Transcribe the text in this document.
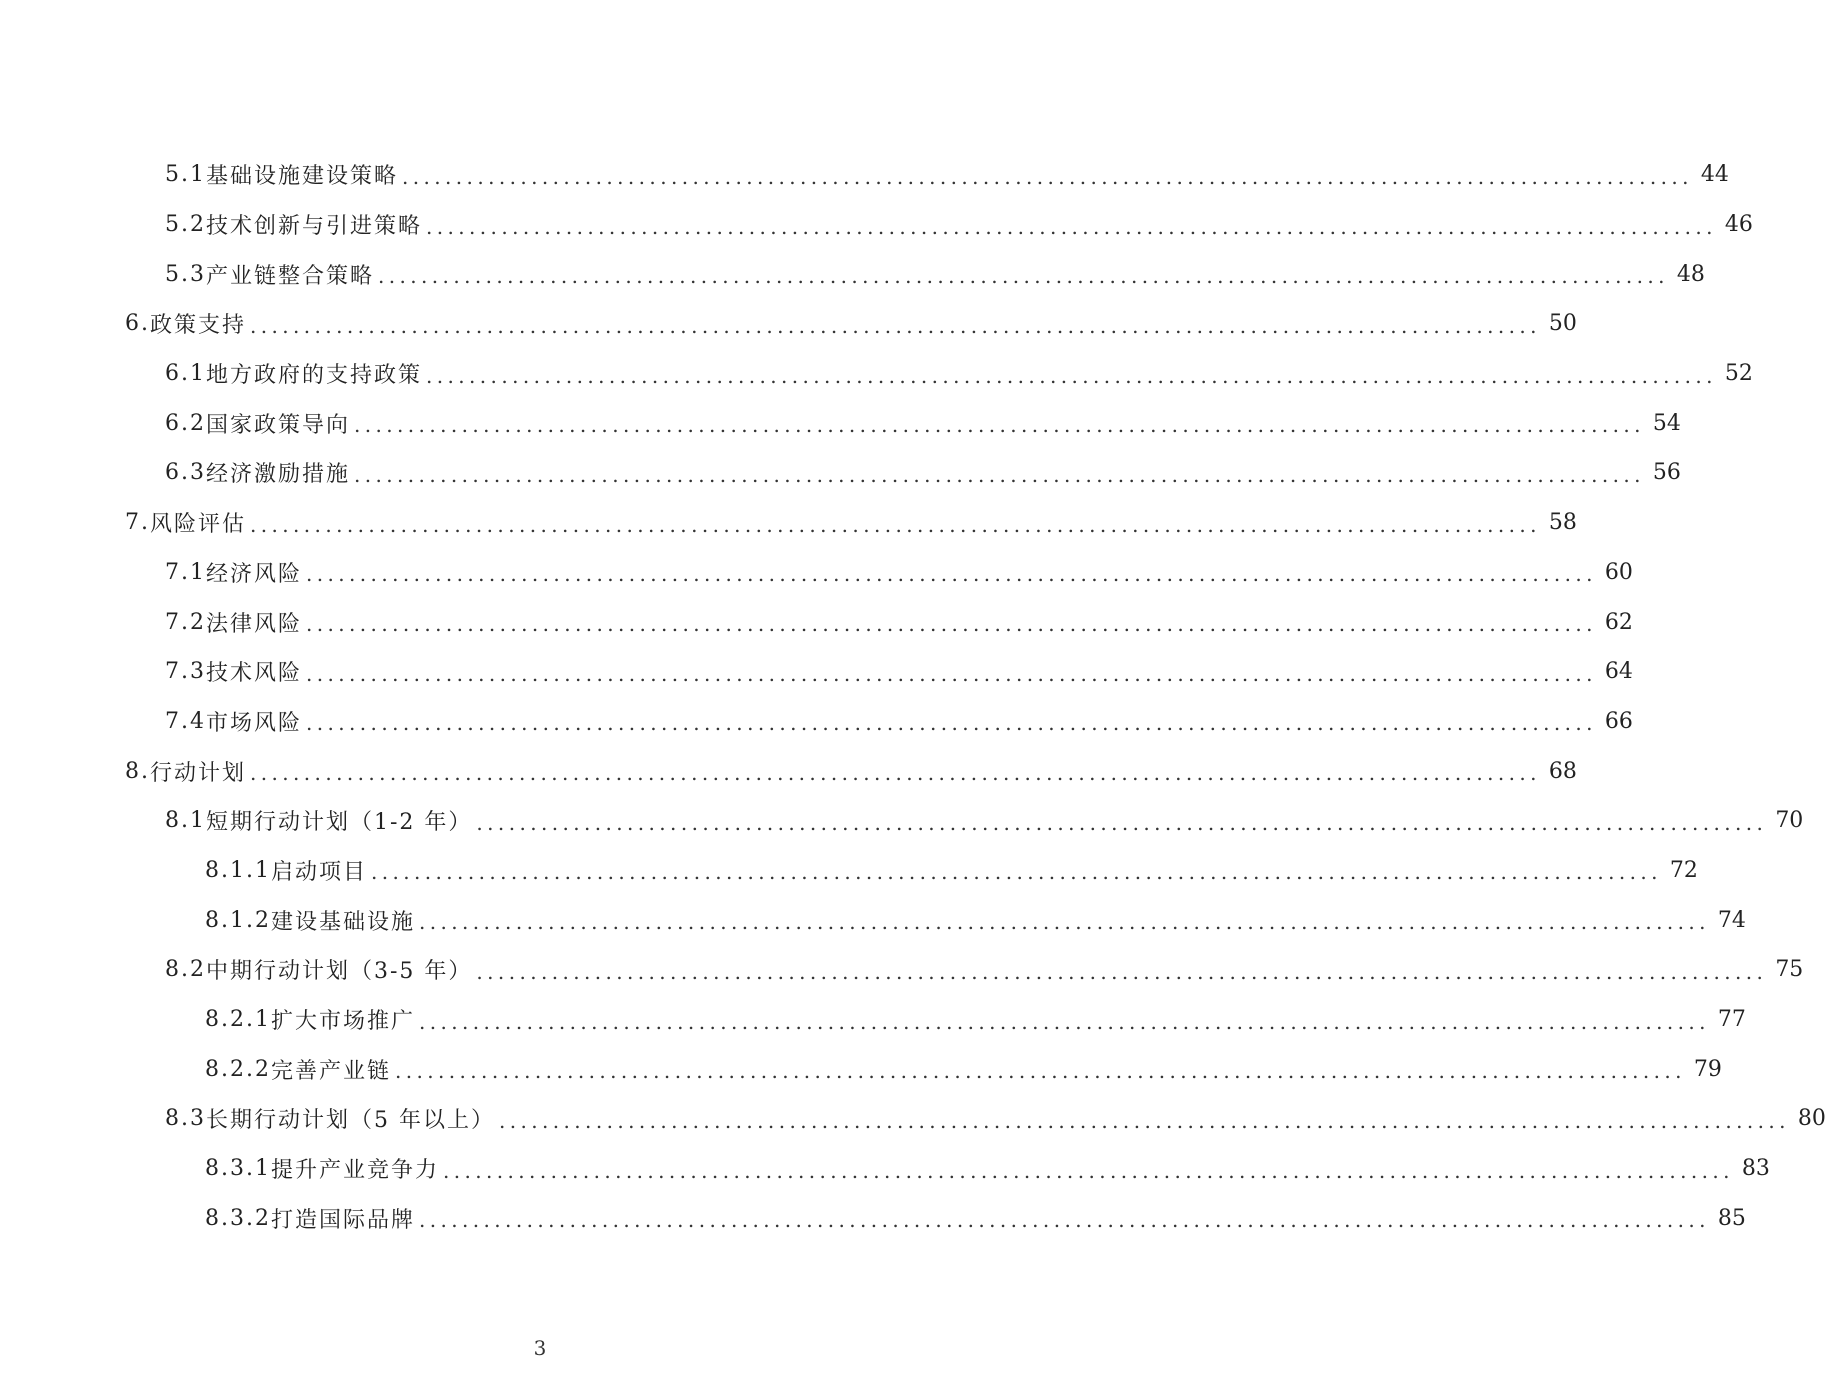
5.1 基础设施建设策略 ........................................................................................................................ 44
5.2 技术创新与引进策略 ........................................................................................................................ 46
5.3 产业链整合策略 ........................................................................................................................ 48
6. 政策支持 ........................................................................................................................ 50
6.1 地方政府的支持政策 ........................................................................................................................ 52
6.2 国家政策导向 ........................................................................................................................ 54
6.3 经济激励措施 ........................................................................................................................ 56
7. 风险评估 ........................................................................................................................ 58
7.1 经济风险 ........................................................................................................................ 60
7.2 法律风险 ........................................................................................................................ 62
7.3 技术风险 ........................................................................................................................ 64
7.4 市场风险 ........................................................................................................................ 66
8. 行动计划 ........................................................................................................................ 68
8.1 短期行动计划（1-2 年） ........................................................................................................................ 70
8.1.1 启动项目 ........................................................................................................................ 72
8.1.2 建设基础设施 ........................................................................................................................ 74
8.2 中期行动计划（3-5 年） ........................................................................................................................ 75
8.2.1 扩大市场推广 ........................................................................................................................ 77
8.2.2 完善产业链 ........................................................................................................................ 79
8.3 长期行动计划（5 年以上） ........................................................................................................................ 80
8.3.1 提升产业竞争力 ........................................................................................................................ 83
8.3.2 打造国际品牌 ........................................................................................................................ 85
3
